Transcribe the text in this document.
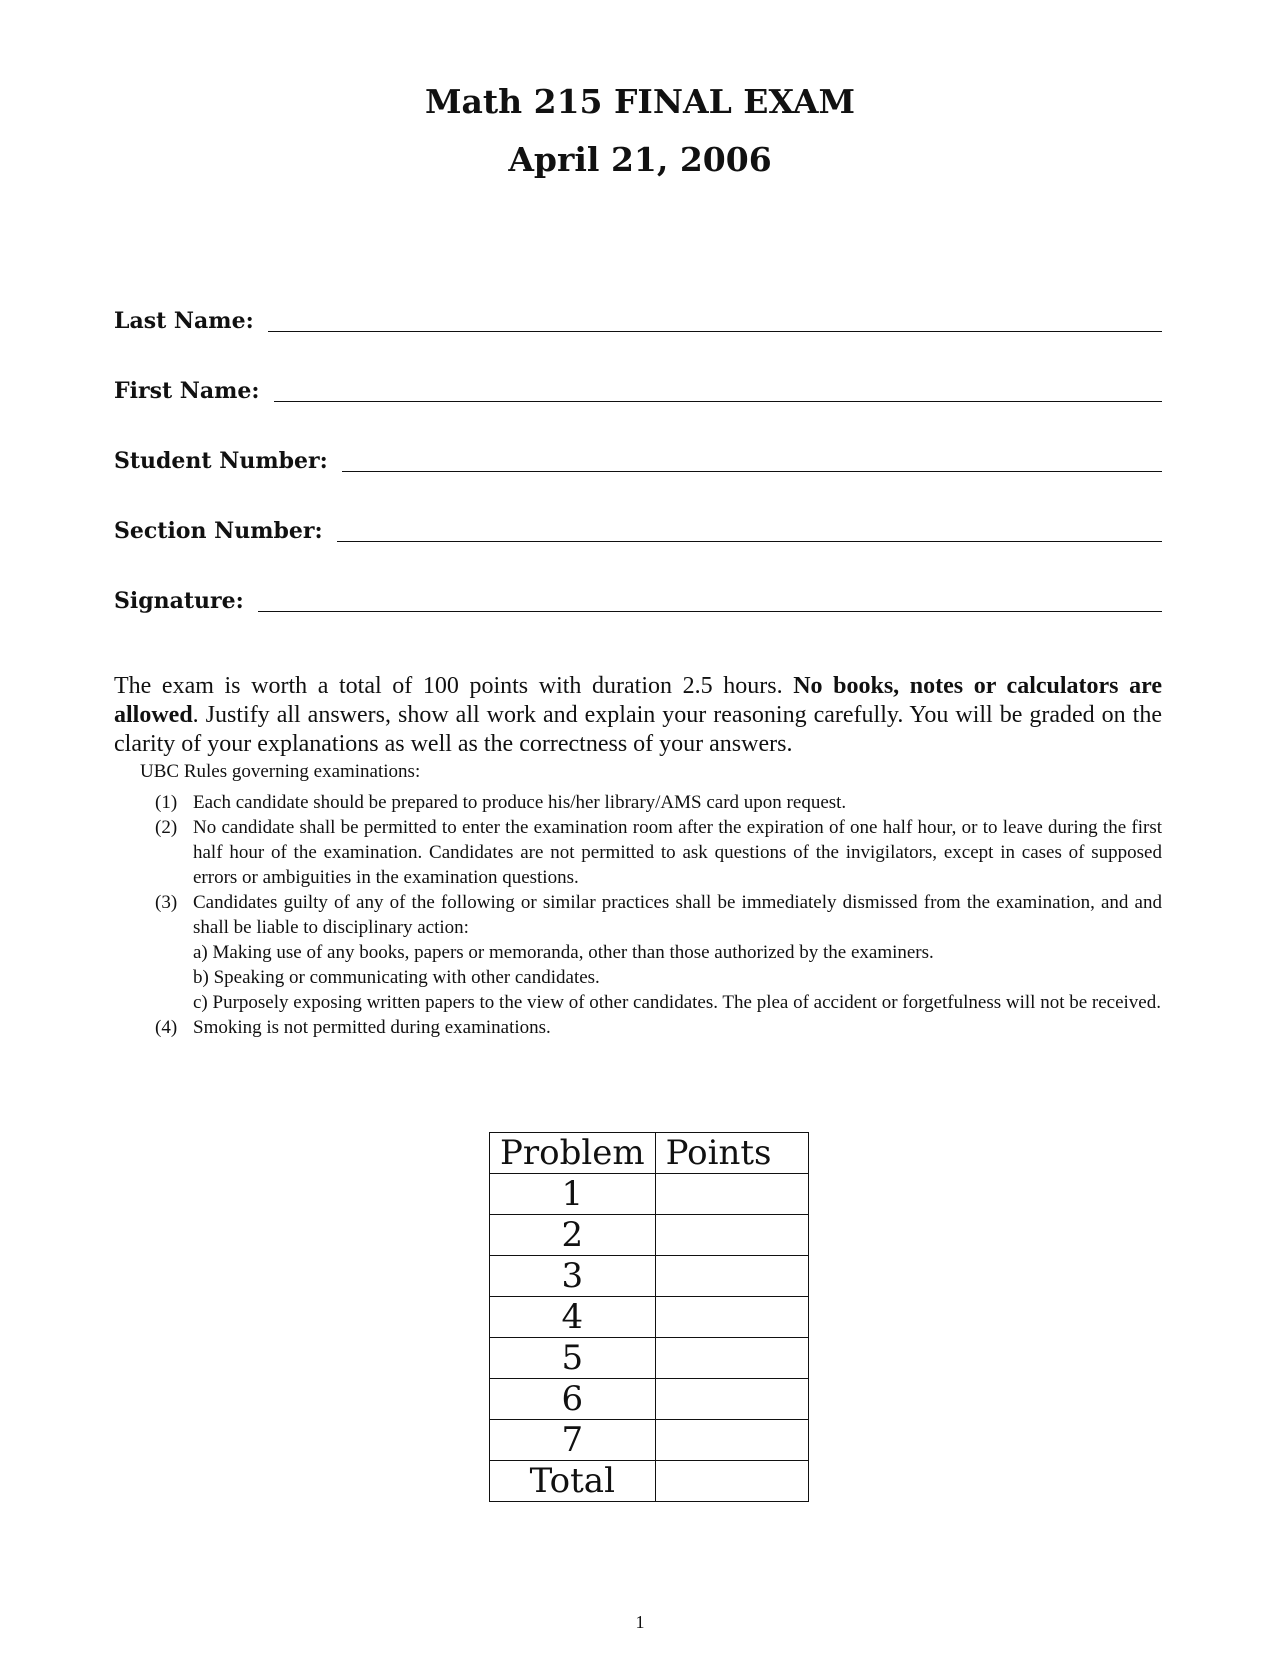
Math 215 FINAL EXAM
April 21, 2006
Last Name:
First Name:
Student Number:
Section Number:
Signature:

The exam is worth a total of 100 points with duration 2.5 hours. No books, notes or calculators are allowed. Justify all answers, show all work and explain your reasoning carefully. You will be graded on the clarity of your explanations as well as the correctness of your answers.

UBC Rules governing examinations:

(1) Each candidate should be prepared to produce his/her library/AMS card upon request.
(2) No candidate shall be permitted to enter the examination room after the expiration of one half hour, or to leave during the first half hour of the examination. Candidates are not permitted to ask questions of the invigilators, except in cases of supposed errors or ambiguities in the examination questions.
(3) Candidates guilty of any of the following or similar practices shall be immediately dismissed from the examination, and and shall be liable to disciplinary action:
a) Making use of any books, papers or memoranda, other than those authorized by the examiners.
b) Speaking or communicating with other candidates.
c) Purposely exposing written papers to the view of other candidates. The plea of accident or forgetfulness will not be received.
(4) Smoking is not permitted during examinations.
Problem	Points
1	
2	
3	
4	
5	
6	
7	
Total	

1
